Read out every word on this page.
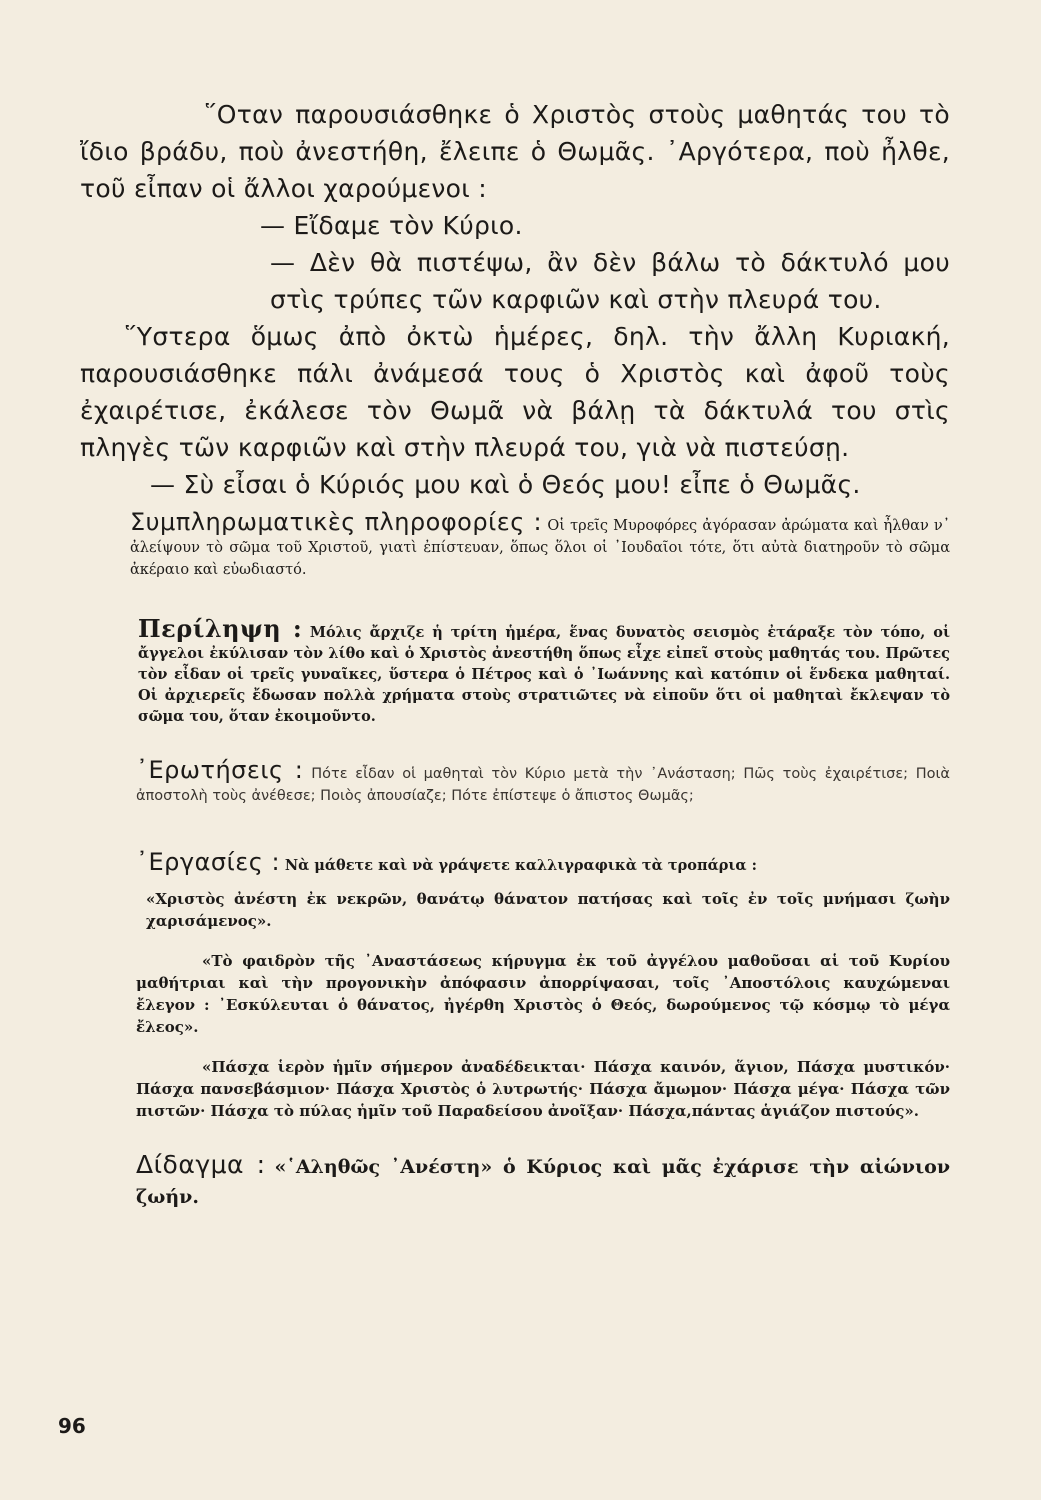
῞Οταν παρουσιάσθηκε ὁ Χριστὸς στοὺς μαθητάς του τὸ ἴδιο βράδυ, ποὺ ἀνεστήθη, ἔλειπε ὁ Θωμᾶς. ᾿Αργότερα, ποὺ ἦλθε, τοῦ εἶπαν οἱ ἄλλοι χαρούμενοι :

— Εἴδαμε τὸν Κύριο.

— Δὲν θὰ πιστέψω, ἂν δὲν βάλω τὸ δάκτυλό μου στὶς τρύπες τῶν καρφιῶν καὶ στὴν πλευρά του.

῞Υστερα ὅμως ἀπὸ ὀκτὼ ἡμέρες, δηλ. τὴν ἄλλη Κυριακή, παρουσιάσθηκε πάλι ἀνάμεσά τους ὁ Χριστὸς καὶ ἀφοῦ τοὺς ἐχαιρέτισε, ἐκάλεσε τὸν Θωμᾶ νὰ βάλῃ τὰ δάκτυλά του στὶς πληγὲς τῶν καρφιῶν καὶ στὴν πλευρά του, γιὰ νὰ πιστεύσῃ.

— Σὺ εἶσαι ὁ Κύριός μου καὶ ὁ Θεός μου! εἶπε ὁ Θωμᾶς.

Συμπληρωματικὲς πληροφορίες : Οἱ τρεῖς Μυροφόρες ἀγόρασαν ἀρώματα καὶ ἦλθαν ν᾿ ἀλείψουν τὸ σῶμα τοῦ Χριστοῦ, γιατὶ ἐπίστευαν, ὅπως ὅλοι οἱ ᾿Ιουδαῖοι τότε, ὅτι αὐτὰ διατηροῦν τὸ σῶμα ἀκέραιο καὶ εὐωδιαστό.
Περίληψη : Μόλις ἄρχιζε ἡ τρίτη ἡμέρα, ἕνας δυνατὸς σεισμὸς ἐτάραξε τὸν τόπο, οἱ ἄγγελοι ἐκύλισαν τὸν λίθο καὶ ὁ Χριστὸς ἀνεστήθη ὅπως εἶχε εἰπεῖ στοὺς μαθητάς του. Πρῶτες τὸν εἶδαν οἱ τρεῖς γυναῖκες, ὕστερα ὁ Πέτρος καὶ ὁ ᾿Ιωάννης καὶ κατόπιν οἱ ἕνδεκα μαθηταί. Οἱ ἀρχιερεῖς ἔδωσαν πολλὰ χρήματα στοὺς στρατιῶτες νὰ εἰποῦν ὅτι οἱ μαθηταὶ ἔκλεψαν τὸ σῶμα του, ὅταν ἐκοιμοῦντο.
᾿Ερωτήσεις : Πότε εἶδαν οἱ μαθηταὶ τὸν Κύριο μετὰ τὴν ᾿Ανάσταση; Πῶς τοὺς ἐχαιρέτισε; Ποιὰ ἀποστολὴ τοὺς ἀνέθεσε; Ποιὸς ἀπουσίαζε; Πότε ἐπίστεψε ὁ ἄπιστος Θωμᾶς;
᾿Εργασίες : Νὰ μάθετε καὶ νὰ γράψετε καλλιγραφικὰ τὰ τροπάρια :

«Χριστὸς ἀνέστη ἐκ νεκρῶν, θανάτῳ θάνατον πατήσας καὶ τοῖς ἐν τοῖς μνήμασι ζωὴν χαρισάμενος».

«Τὸ φαιδρὸν τῆς ᾿Αναστάσεως κήρυγμα ἐκ τοῦ ἀγγέλου μαθοῦσαι αἱ τοῦ Κυρίου μαθήτριαι καὶ τὴν προγονικὴν ἀπόφασιν ἀπορρίψασαι, τοῖς ᾿Αποστόλοις καυχώμεναι ἔλεγον : ᾿Εσκύλευται ὁ θάνατος, ἠγέρθη Χριστὸς ὁ Θεός, δωρούμενος τῷ κόσμῳ τὸ μέγα ἔλεος».

«Πάσχα ἱερὸν ἡμῖν σήμερον ἀναδέδεικται· Πάσχα καινόν, ἅγιον, Πάσχα μυστικόν· Πάσχα πανσεβάσμιον· Πάσχα Χριστὸς ὁ λυτρωτής· Πάσχα ἄμωμον· Πάσχα μέγα· Πάσχα τῶν πιστῶν· Πάσχα τὸ πύλας ἡμῖν τοῦ Παραδείσου ἀνοῖξαν· Πάσχα,πάντας ἁγιάζον πιστούς».

Δίδαγμα : «῾Αληθῶς ᾿Ανέστη» ὁ Κύριος καὶ μᾶς ἐχάρισε τὴν αἰώνιον ζωήν.
96
